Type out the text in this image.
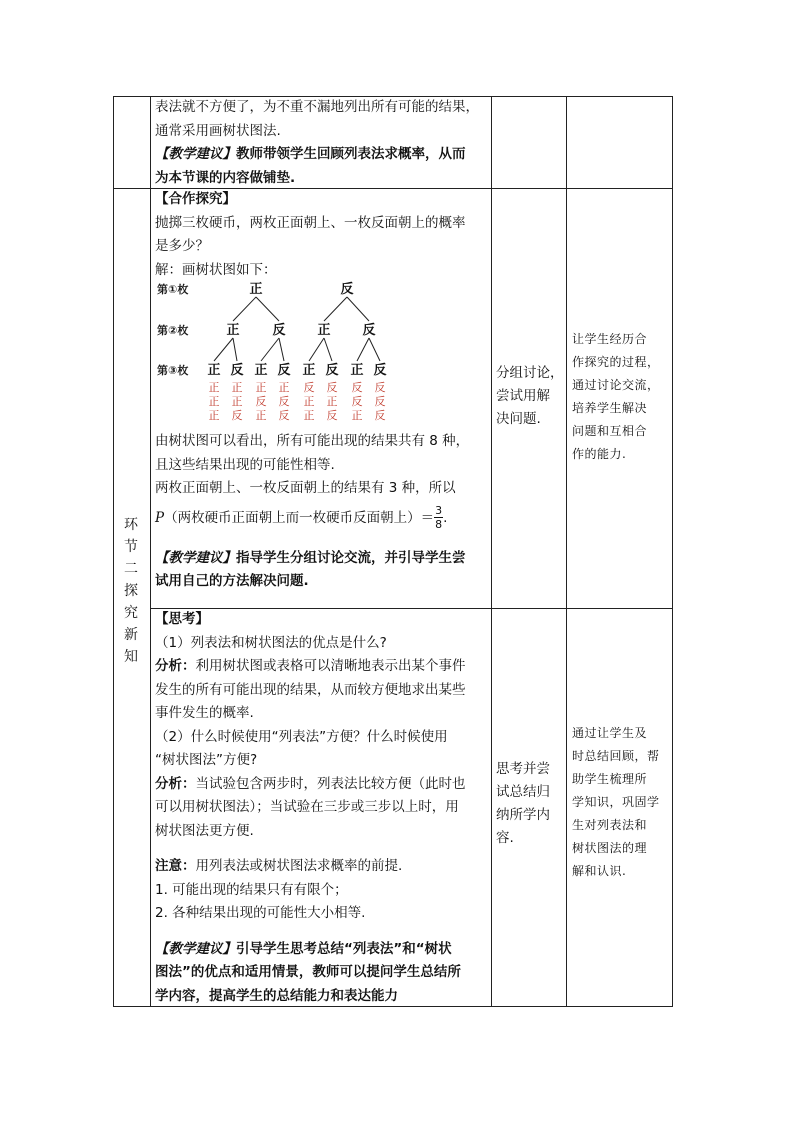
表法就不方便了，为不重不漏地列出所有可能的结果，

通常采用画树状图法.

【教学建议】教师带领学生回顾列表法求概率，从而

为本节课的内容做铺垫.

环
节
二
探
究
新
知

【合作探究】

抛掷三枚硬币，两枚正面朝上、一枚反面朝上的概率

是多少？

解：画树状图如下：

第①枚
第②枚
第③枚
正	反
正	反 正 反
正 反 正 反 正 反 正 反
正 正 正 正 反 反 反 反
正 正 反 反 正 正 反 反
正 反 正 反 正 反 正 反

由树状图可以看出，所有可能出现的结果共有 8 种，

且这些结果出现的可能性相等.

两枚正面朝上、一枚反面朝上的结果有 3 种，所以

P（两枚硬币正面朝上而一枚硬币反面朝上）＝ $\frac{3}{8}$ .

【教学建议】指导学生分组讨论交流，并引导学生尝

试用自己的方法解决问题.

分组讨论，

尝试用解

决问题.

让学生经历合

作探究的过程，

通过讨论交流，

培养学生解决

问题和互相合

作的能力.

【思考】

（1）列表法和树状图法的优点是什么?

分析：利用树状图或表格可以清晰地表示出某个事件

发生的所有可能出现的结果，从而较方便地求出某些

事件发生的概率.

（2）什么时候使用“列表法”方便？什么时候使用

“树状图法”方便?

分析：当试验包含两步时，列表法比较方便（此时也

可以用树状图法）；当试验在三步或三步以上时，用

树状图法更方便.

注意：用列表法或树状图法求概率的前提.

1. 可能出现的结果只有有限个；

2. 各种结果出现的可能性大小相等.

【教学建议】引导学生思考总结“列表法”和“树状

图法”的优点和适用情景，教师可以提问学生总结所

学内容，提高学生的总结能力和表达能力

思考并尝

试总结归

纳所学内

容.

通过让学生及

时总结回顾，帮

助学生梳理所

学知识，巩固学

生对列表法和

树状图法的理

解和认识.
